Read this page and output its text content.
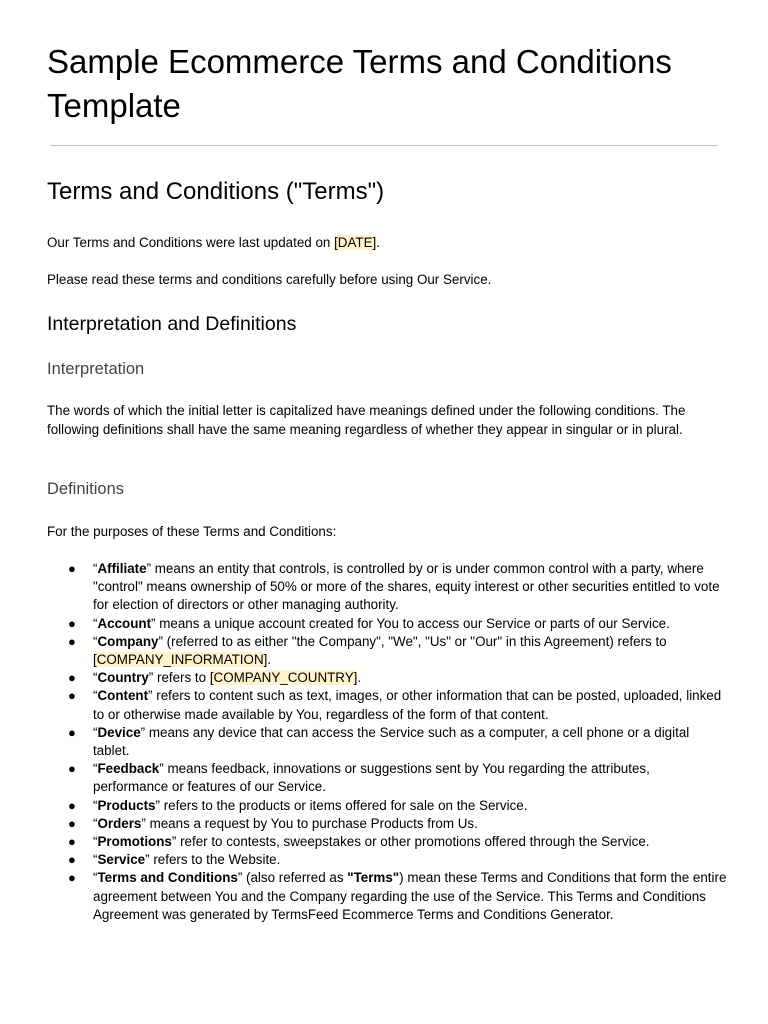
Sample Ecommerce Terms and Conditions Template
Terms and Conditions ("Terms")

Our Terms and Conditions were last updated on [DATE].

Please read these terms and conditions carefully before using Our Service.

Interpretation and Definitions
Interpretation

The words of which the initial letter is capitalized have meanings defined under the following conditions. The following definitions shall have the same meaning regardless of whether they appear in singular or in plural.

Definitions

For the purposes of these Terms and Conditions:

● “Affiliate” means an entity that controls, is controlled by or is under common control with a party, where "control" means ownership of 50% or more of the shares, equity interest or other securities entitled to vote for election of directors or other managing authority.
● “Account” means a unique account created for You to access our Service or parts of our Service.
● “Company” (referred to as either "the Company", "We", "Us" or "Our" in this Agreement) refers to [COMPANY_INFORMATION].
● “Country” refers to [COMPANY_COUNTRY].
● “Content” refers to content such as text, images, or other information that can be posted, uploaded, linked to or otherwise made available by You, regardless of the form of that content.
● “Device” means any device that can access the Service such as a computer, a cell phone or a digital tablet.
● “Feedback” means feedback, innovations or suggestions sent by You regarding the attributes, performance or features of our Service.
● “Products” refers to the products or items offered for sale on the Service.
● “Orders” means a request by You to purchase Products from Us.
● “Promotions” refer to contests, sweepstakes or other promotions offered through the Service.
● “Service” refers to the Website.
● “Terms and Conditions” (also referred as "Terms") mean these Terms and Conditions that form the entire agreement between You and the Company regarding the use of the Service. This Terms and Conditions Agreement was generated by TermsFeed Ecommerce Terms and Conditions Generator.
